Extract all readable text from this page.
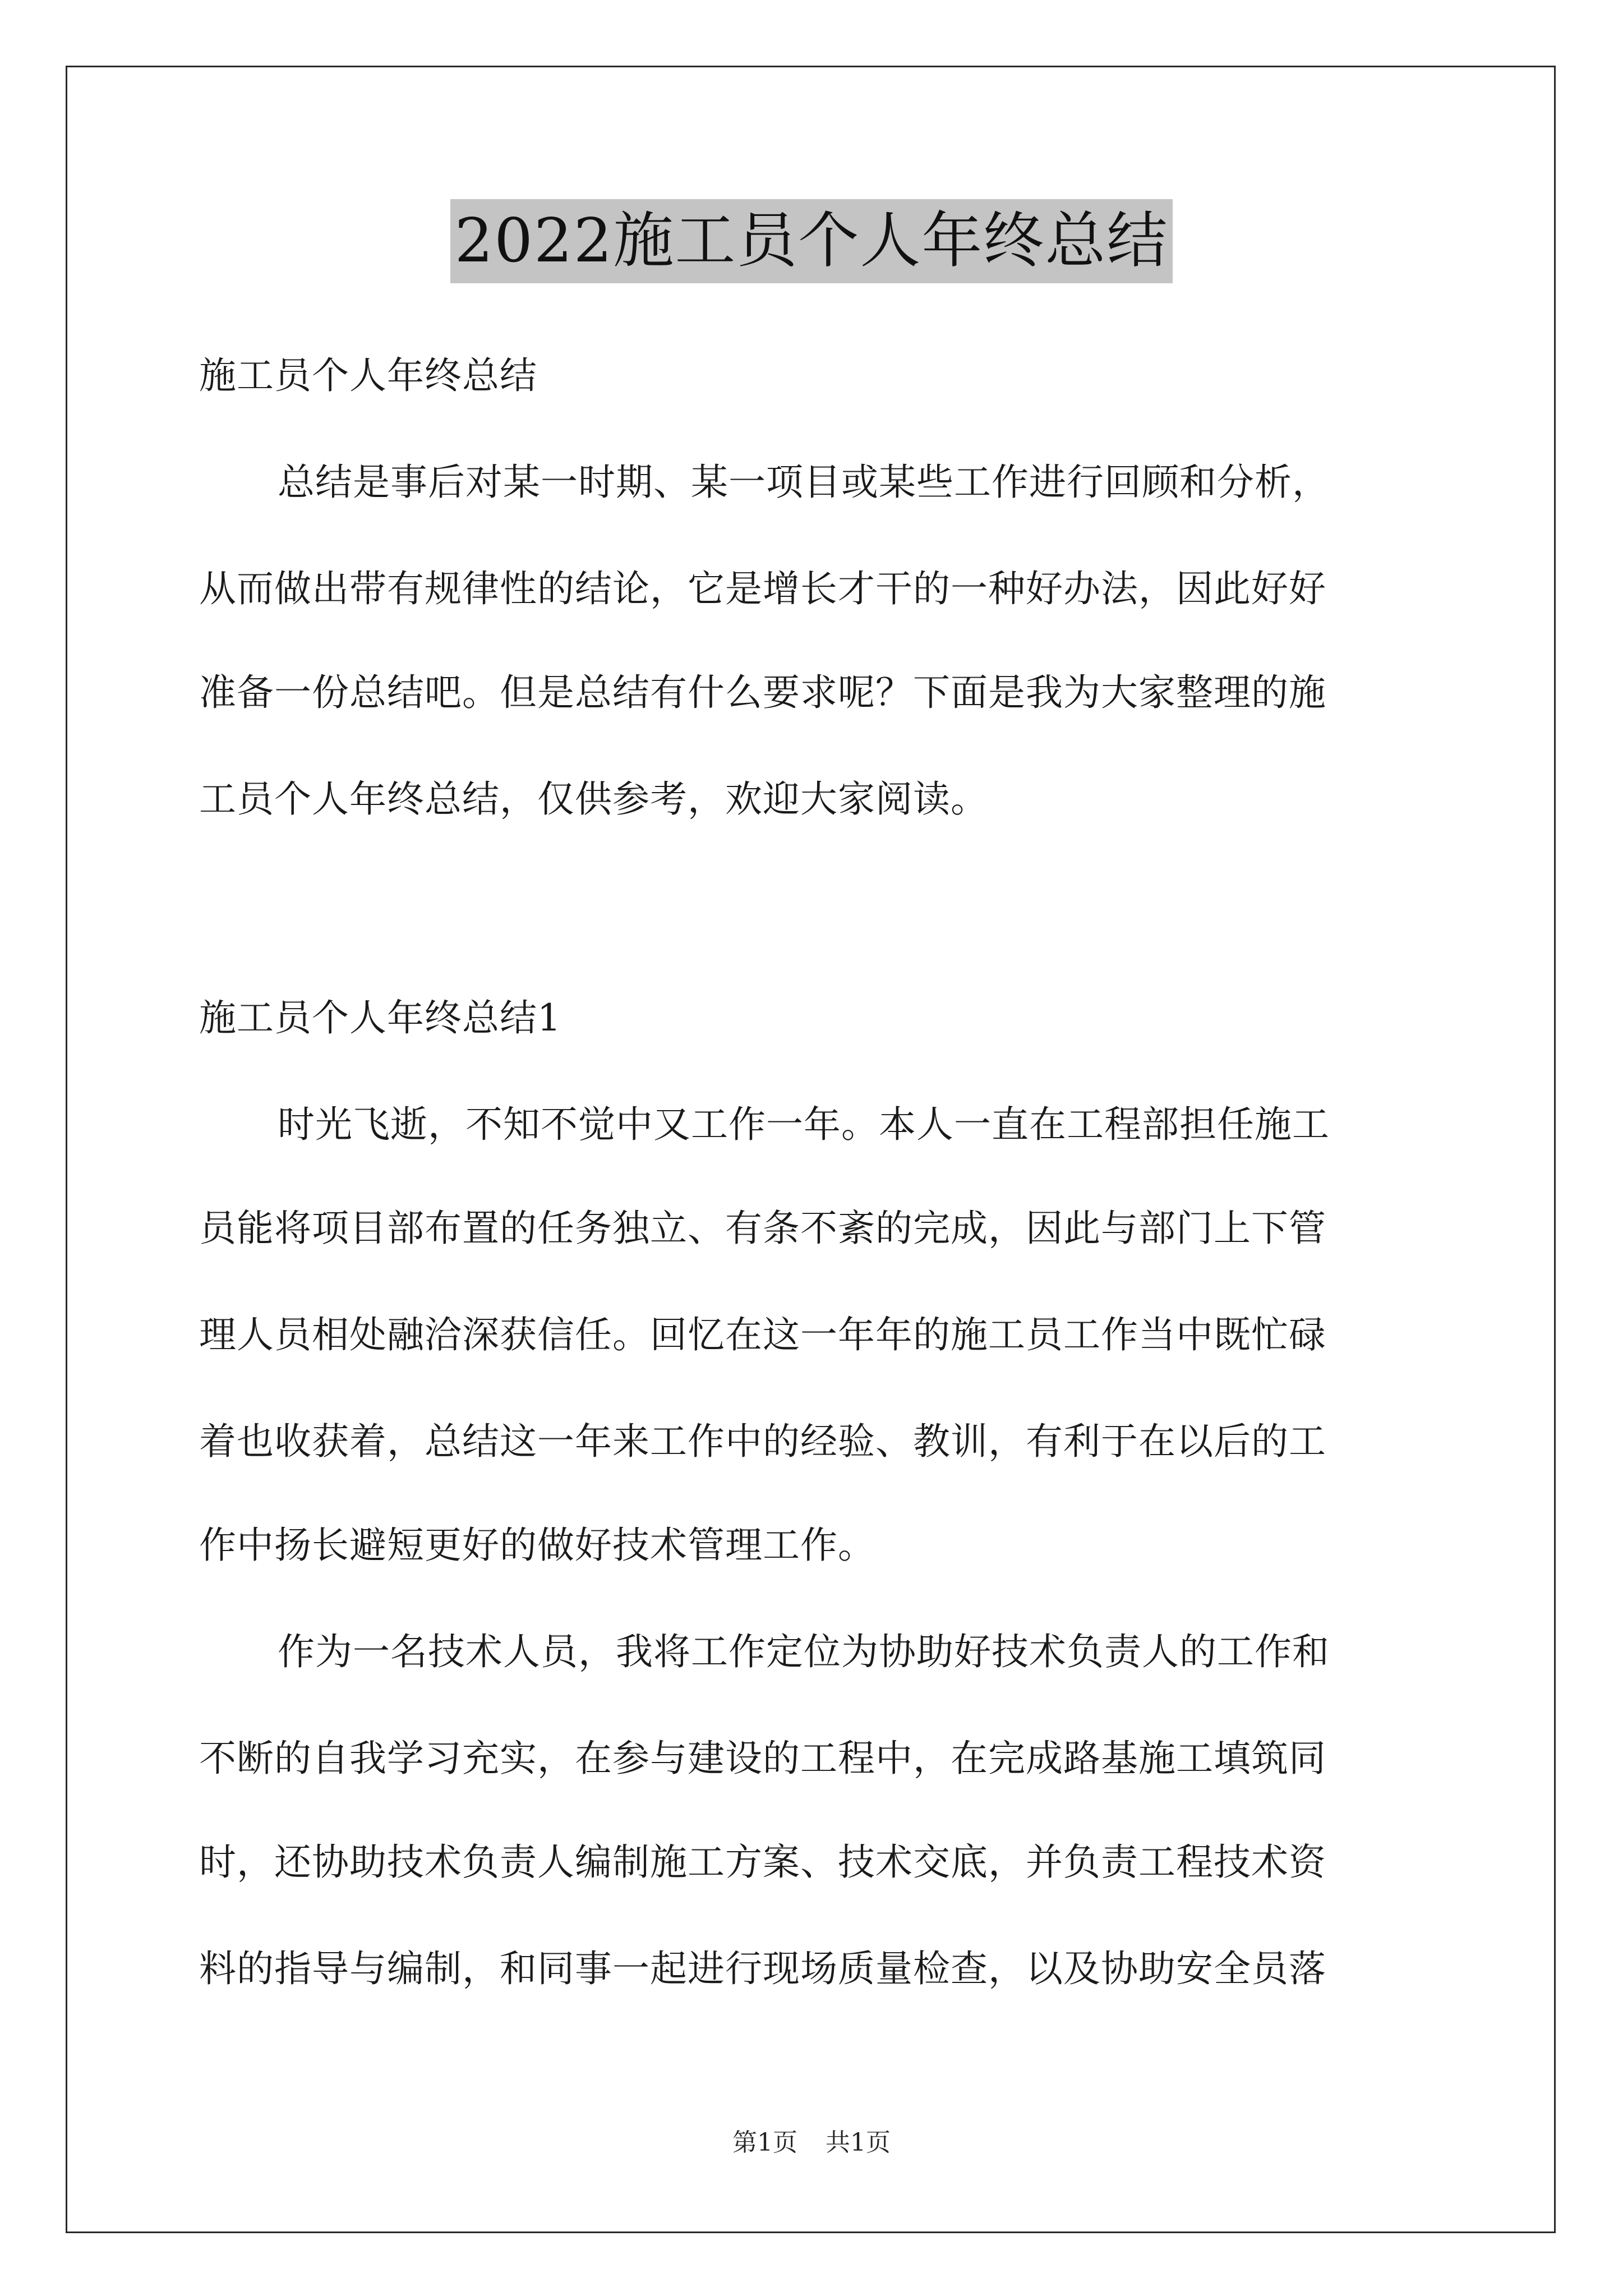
2022施工员个人年终总结
施工员个人年终总结
总结是事后对某一时期、某一项目或某些工作进行回顾和分析，
从而做出带有规律性的结论，它是增长才干的一种好办法，因此好好
准备一份总结吧。但是总结有什么要求呢？下面是我为大家整理的施
工员个人年终总结，仅供参考，欢迎大家阅读。
施工员个人年终总结1
时光飞逝，不知不觉中又工作一年。本人一直在工程部担任施工
员能将项目部布置的任务独立、有条不紊的完成，因此与部门上下管
理人员相处融洽深获信任。回忆在这一年年的施工员工作当中既忙碌
着也收获着，总结这一年来工作中的经验、教训，有利于在以后的工
作中扬长避短更好的做好技术管理工作。
作为一名技术人员，我将工作定位为协助好技术负责人的工作和
不断的自我学习充实，在参与建设的工程中，在完成路基施工填筑同
时，还协助技术负责人编制施工方案、技术交底，并负责工程技术资
料的指导与编制，和同事一起进行现场质量检查，以及协助安全员落
第1页 共1页
